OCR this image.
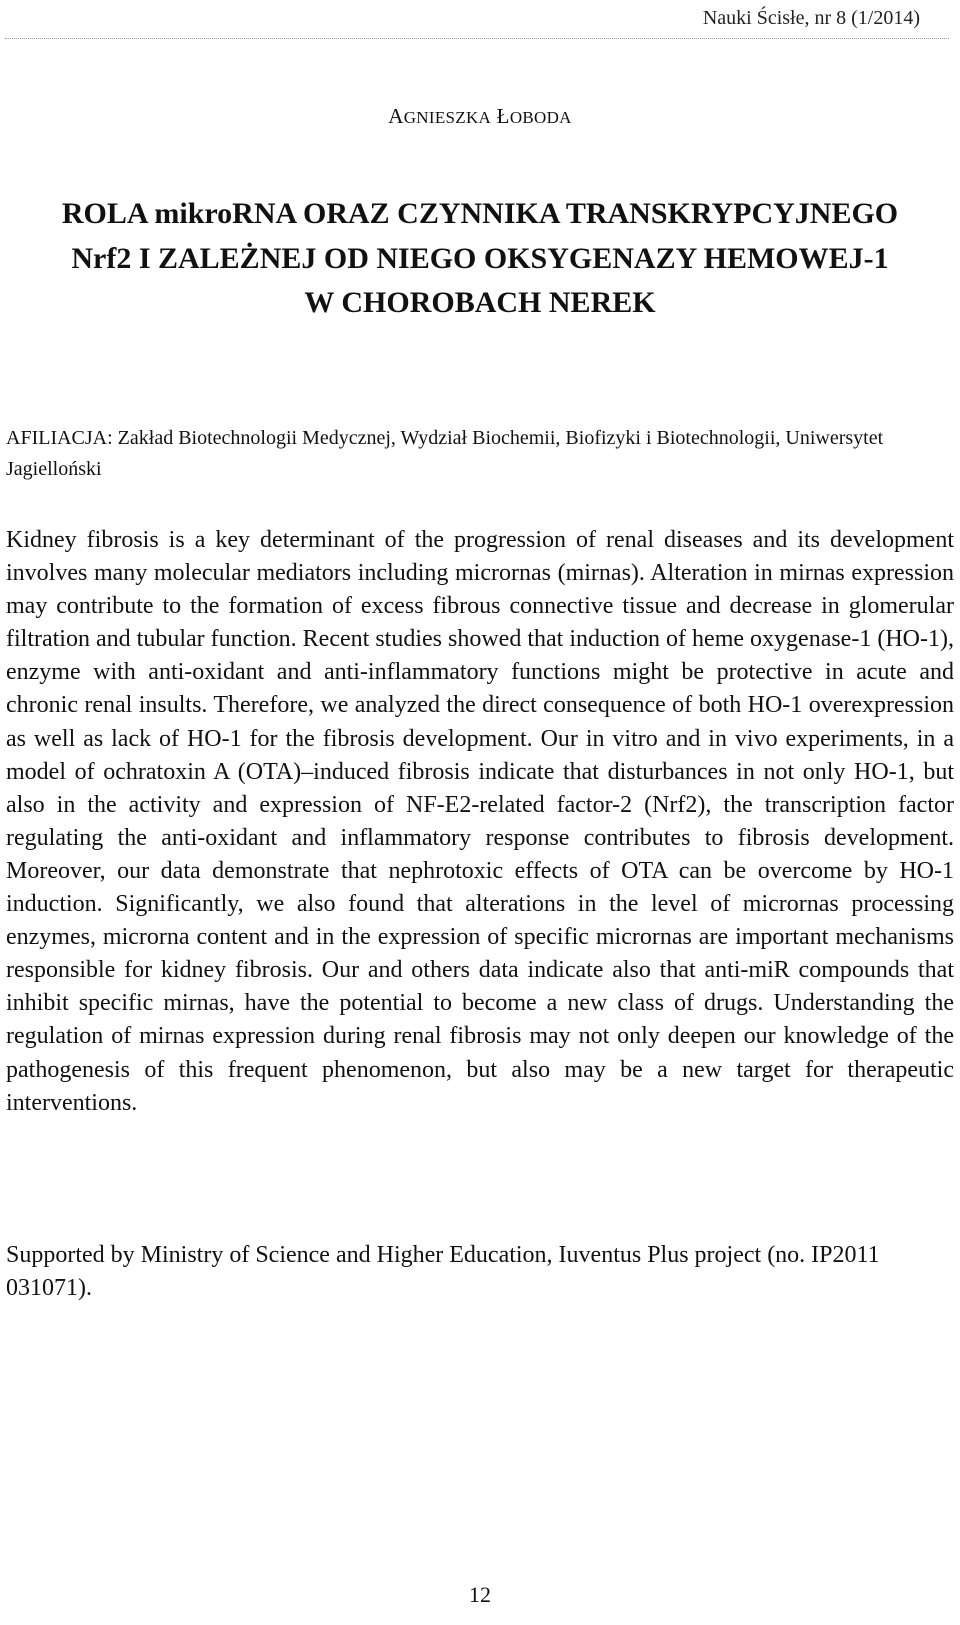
Nauki Ścisłe, nr 8 (1/2014)
AGNIESZKA ŁOBODA
ROLA mikroRNA ORAZ CZYNNIKA TRANSKRYPCYJNEGO
Nrf2 I ZALEŻNEJ OD NIEGO OKSYGENAZY HEMOWEJ-1
W CHOROBACH NEREK
AFILIACJA: Zakład Biotechnologii Medycznej, Wydział Biochemii, Biofizyki i Biotechnologii, Uniwersytet Jagielloński

Kidney fibrosis is a key determinant of the progression of renal diseases and its development involves many molecular mediators including micrornas (mirnas). Alteration in mirnas expression may contribute to the formation of excess fibrous connective tissue and decrease in glomerular filtration and tubular function. Recent studies showed that induction of heme oxygenase-1 (HO-1), enzyme with anti-oxidant and anti-inflammatory functions might be protective in acute and chronic renal insults. Therefore, we analyzed the direct consequence of both HO-1 overexpression as well as lack of HO-1 for the fibrosis development. Our in vitro and in vivo experiments, in a model of ochratoxin A (OTA)–induced fibrosis indicate that disturbances in not only HO-1, but also in the activity and expression of NF-E2-related factor-2 (Nrf2), the transcription factor regulating the anti-oxidant and inflammatory response contributes to fibrosis development. Moreover, our data demonstrate that nephrotoxic effects of OTA can be overcome by HO-1 induction. Significantly, we also found that alterations in the level of micrornas processing enzymes, microrna content and in the expression of specific micrornas are important mechanisms responsible for kidney fibrosis. Our and others data indicate also that anti-miR compounds that inhibit specific mirnas, have the potential to become a new class of drugs. Understanding the regulation of mirnas expression during renal fibrosis may not only deepen our knowledge of the pathogenesis of this frequent phenomenon, but also may be a new target for therapeutic interventions.

Supported by Ministry of Science and Higher Education, Iuventus Plus project (no. IP2011 031071).

12
